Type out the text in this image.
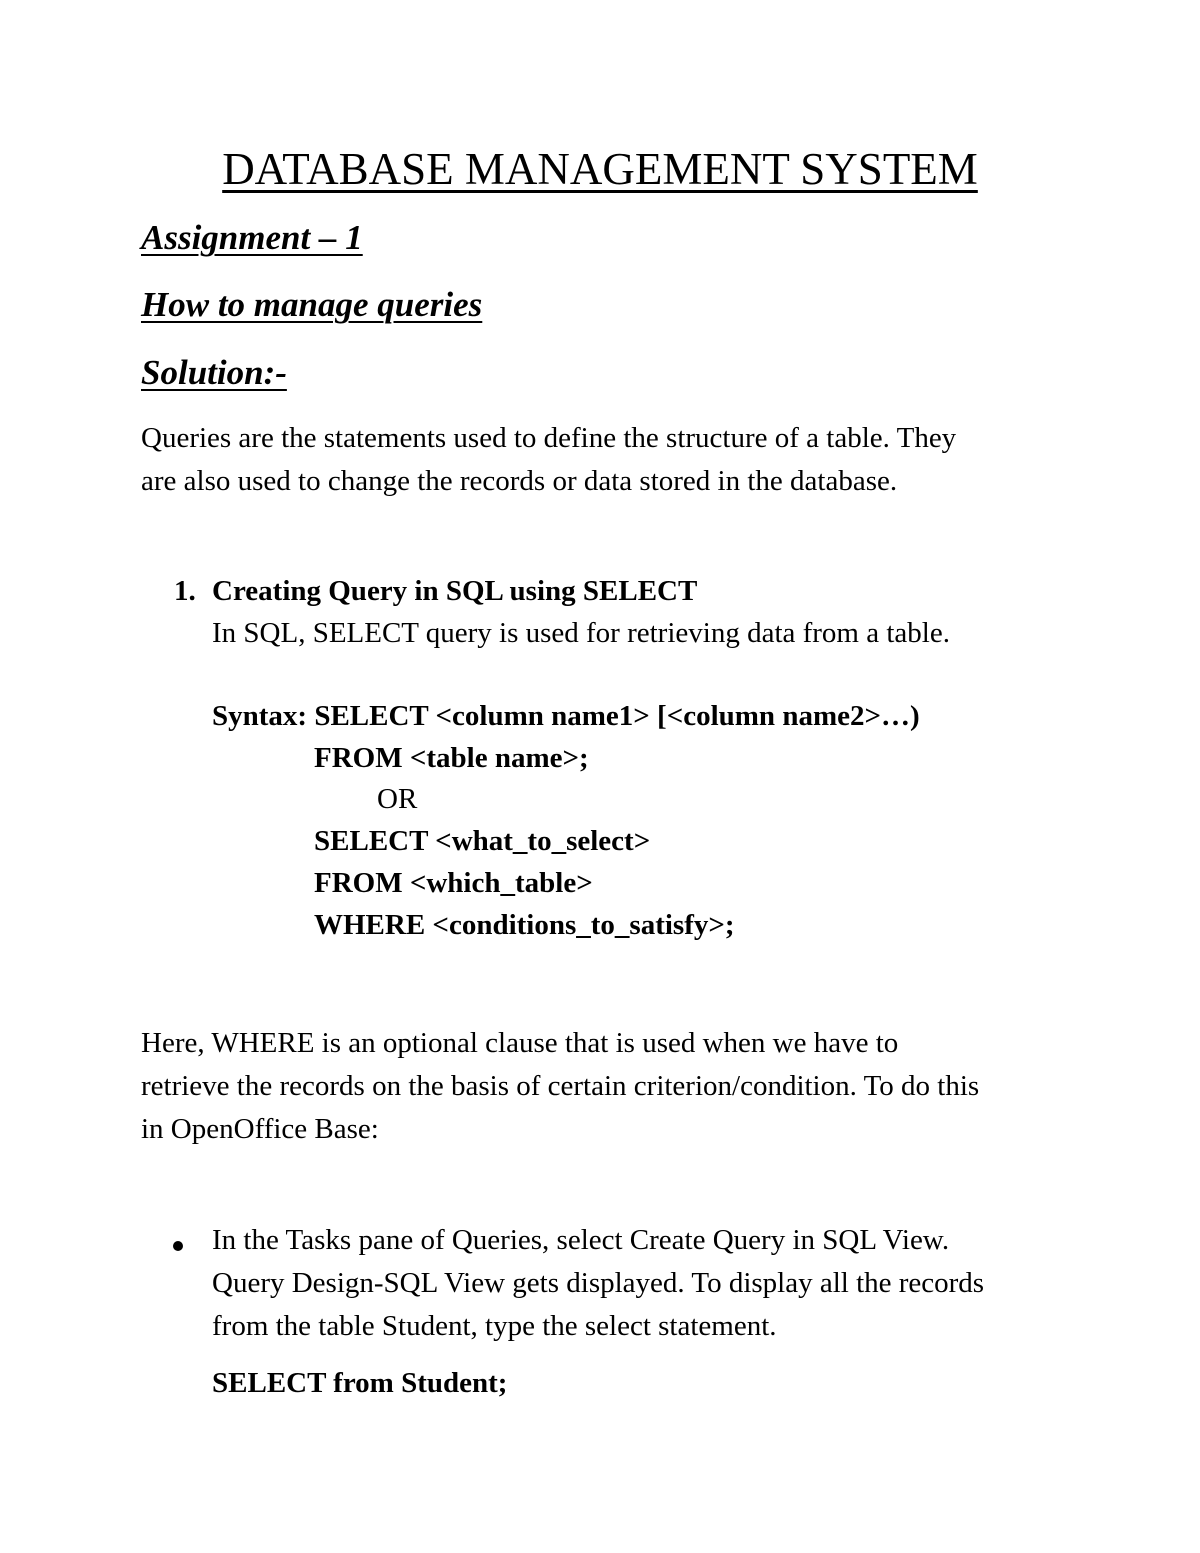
DATABASE MANAGEMENT SYSTEM
Assignment – 1
How to manage queries
Solution:-
Queries are the statements used to define the structure of a table. They
are also used to change the records or data stored in the database.
1. Creating Query in SQL using SELECT
In SQL, SELECT query is used for retrieving data from a table.
Syntax: SELECT <column name1> [<column name2>…)
FROM <table name>;
OR
SELECT <what_to_select>
FROM <which_table>
WHERE <conditions_to_satisfy>;
Here, WHERE is an optional clause that is used when we have to
retrieve the records on the basis of certain criterion/condition. To do this
in OpenOffice Base:
In the Tasks pane of Queries, select Create Query in SQL View.
Query Design-SQL View gets displayed. To display all the records
from the table Student, type the select statement.
SELECT from Student;
